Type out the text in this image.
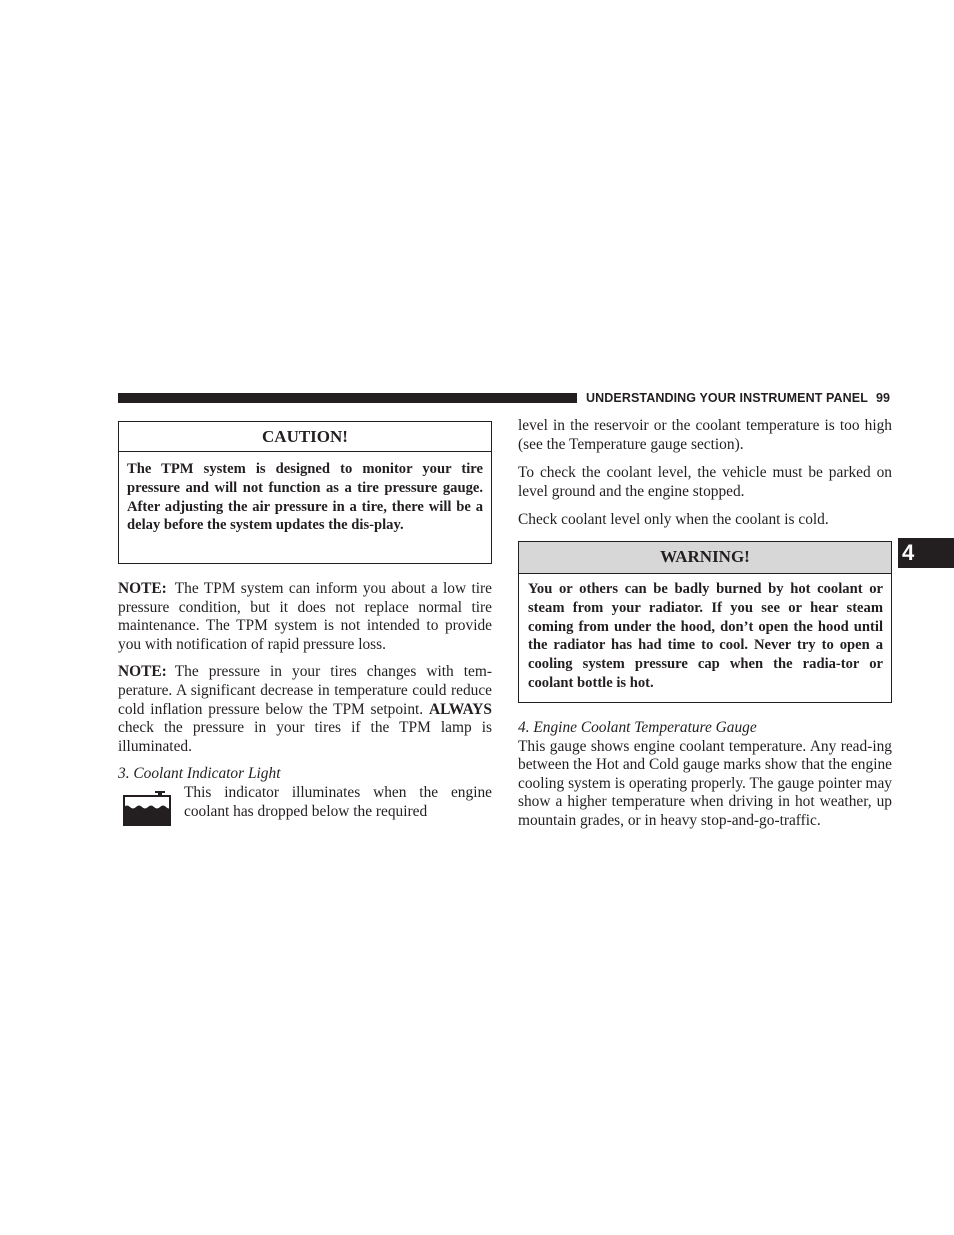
UNDERSTANDING YOUR INSTRUMENT PANEL 99
4
CAUTION!
The TPM system is designed to monitor your tire pressure and will not function as a tire pressure gauge. After adjusting the air pressure in a tire, there will be a delay before the system updates the dis-play.

NOTE: The TPM system can inform you about a low tire pressure condition, but it does not replace normal tire maintenance. The TPM system is not intended to provide you with notification of rapid pressure loss.

NOTE: The pressure in your tires changes with tem-perature. A significant decrease in temperature could reduce cold inflation pressure below the TPM setpoint. ALWAYS check the pressure in your tires if the TPM lamp is illuminated.

3. Coolant Indicator Light

This indicator illuminates when the engine coolant has dropped below the required

level in the reservoir or the coolant temperature is too high (see the Temperature gauge section).

To check the coolant level, the vehicle must be parked on level ground and the engine stopped.

Check coolant level only when the coolant is cold.

WARNING!
You or others can be badly burned by hot coolant or steam from your radiator. If you see or hear steam coming from under the hood, don’t open the hood until the radiator has had time to cool. Never try to open a cooling system pressure cap when the radia-tor or coolant bottle is hot.

4. Engine Coolant Temperature Gauge

This gauge shows engine coolant temperature. Any read-ing between the Hot and Cold gauge marks show that the engine cooling system is operating properly. The gauge pointer may show a higher temperature when driving in hot weather, up mountain grades, or in heavy stop-and-go-traffic.
